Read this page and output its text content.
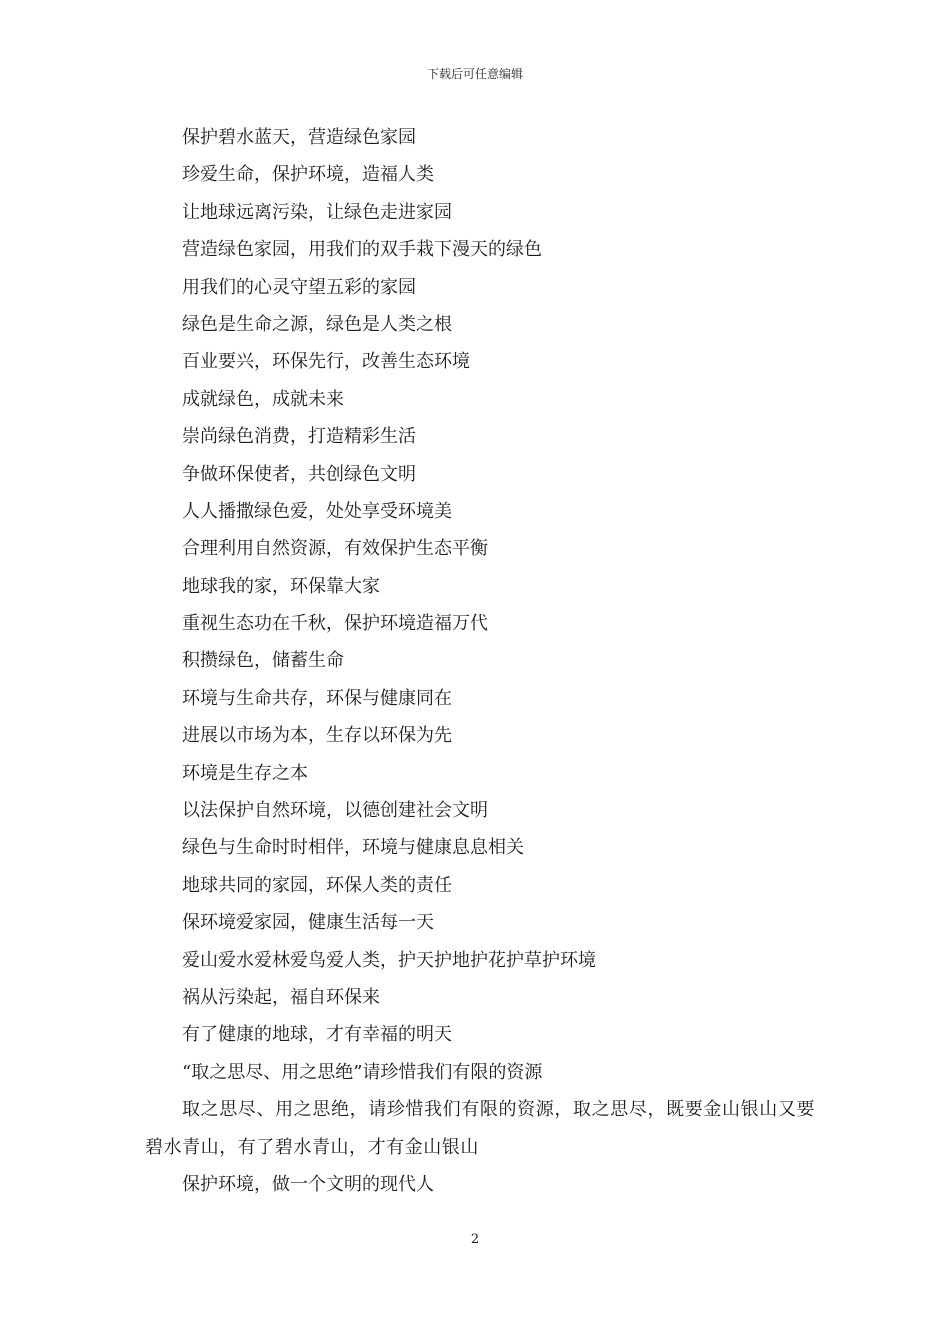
下载后可任意编辑
保护碧水蓝天，营造绿色家园
珍爱生命，保护环境，造福人类
让地球远离污染，让绿色走进家园
营造绿色家园，用我们的双手栽下漫天的绿色
用我们的心灵守望五彩的家园
绿色是生命之源，绿色是人类之根
百业要兴，环保先行，改善生态环境
成就绿色，成就未来
崇尚绿色消费，打造精彩生活
争做环保使者，共创绿色文明
人人播撒绿色爱，处处享受环境美
合理利用自然资源，有效保护生态平衡
地球我的家，环保靠大家
重视生态功在千秋，保护环境造福万代
积攒绿色，储蓄生命
环境与生命共存，环保与健康同在
进展以市场为本，生存以环保为先
环境是生存之本
以法保护自然环境，以德创建社会文明
绿色与生命时时相伴，环境与健康息息相关
地球共同的家园，环保人类的责任
保环境爱家园，健康生活每一天
爱山爱水爱林爱鸟爱人类，护天护地护花护草护环境
祸从污染起，福自环保来
有了健康的地球，才有幸福的明天
“取之思尽、用之思绝”请珍惜我们有限的资源
取之思尽、用之思绝，请珍惜我们有限的资源，取之思尽，既要金山银山又要碧水青山，有了碧水青山，才有金山银山
保护环境，做一个文明的现代人
2
